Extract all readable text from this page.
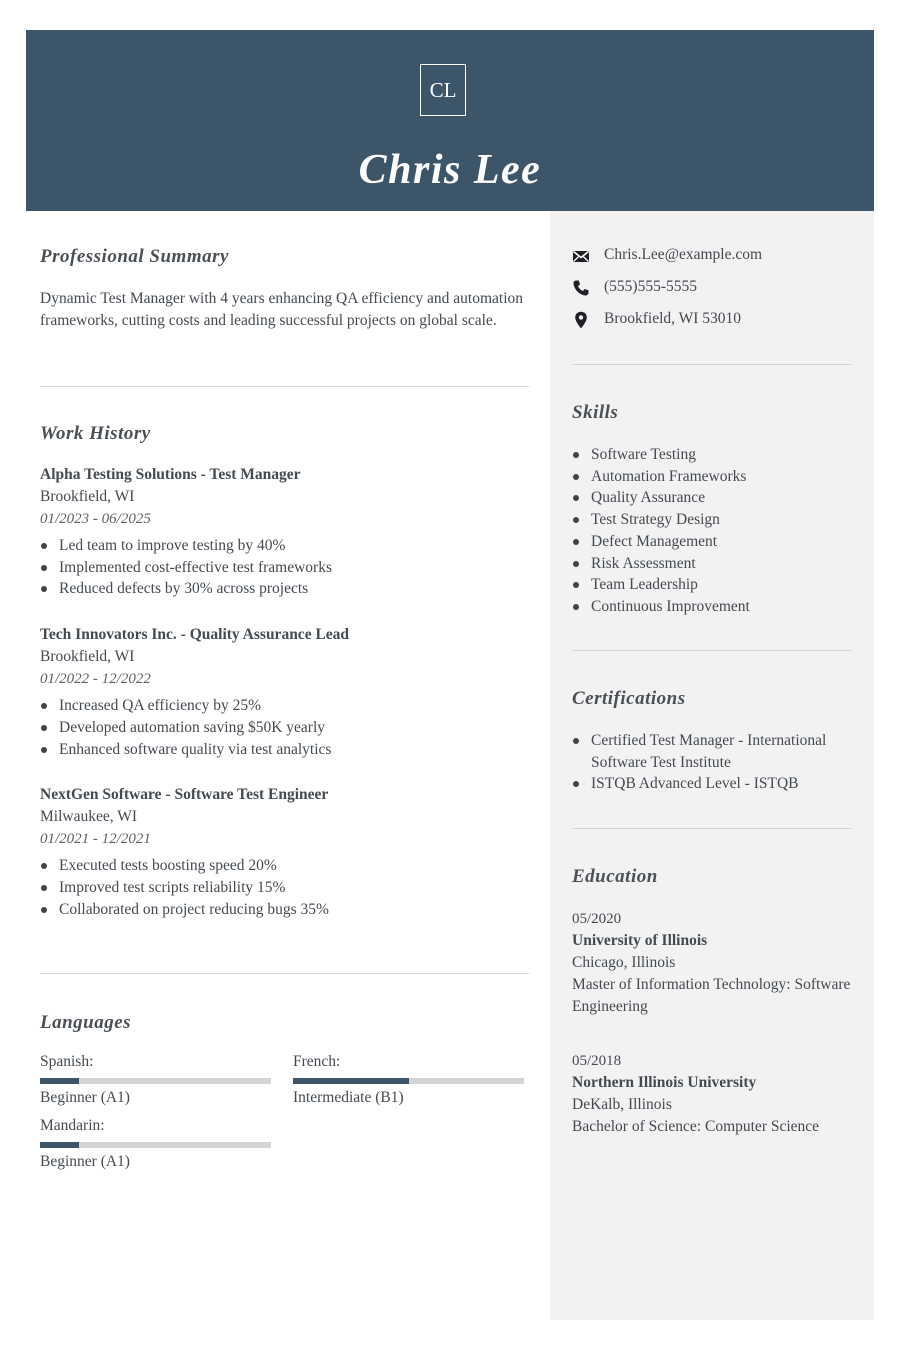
CL
Chris Lee
Professional Summary
Dynamic Test Manager with 4 years enhancing QA efficiency and automation frameworks, cutting costs and leading successful projects on global scale.
Work History
Alpha Testing Solutions - Test Manager
Brookfield, WI
01/2023 - 06/2025
Led team to improve testing by 40%
Implemented cost-effective test frameworks
Reduced defects by 30% across projects
Tech Innovators Inc. - Quality Assurance Lead
Brookfield, WI
01/2022 - 12/2022
Increased QA efficiency by 25%
Developed automation saving $50K yearly
Enhanced software quality via test analytics
NextGen Software - Software Test Engineer
Milwaukee, WI
01/2021 - 12/2021
Executed tests boosting speed 20%
Improved test scripts reliability 15%
Collaborated on project reducing bugs 35%
Languages
Spanish:
Beginner (A1)
French:
Intermediate (B1)
Mandarin:
Beginner (A1)
Chris.Lee@example.com
(555)555-5555
Brookfield, WI 53010
Skills
Software Testing
Automation Frameworks
Quality Assurance
Test Strategy Design
Defect Management
Risk Assessment
Team Leadership
Continuous Improvement
Certifications
Certified Test Manager - International Software Test Institute
ISTQB Advanced Level - ISTQB
Education
05/2020
University of Illinois
Chicago, Illinois
Master of Information Technology: Software Engineering
05/2018
Northern Illinois University
DeKalb, Illinois
Bachelor of Science: Computer Science
